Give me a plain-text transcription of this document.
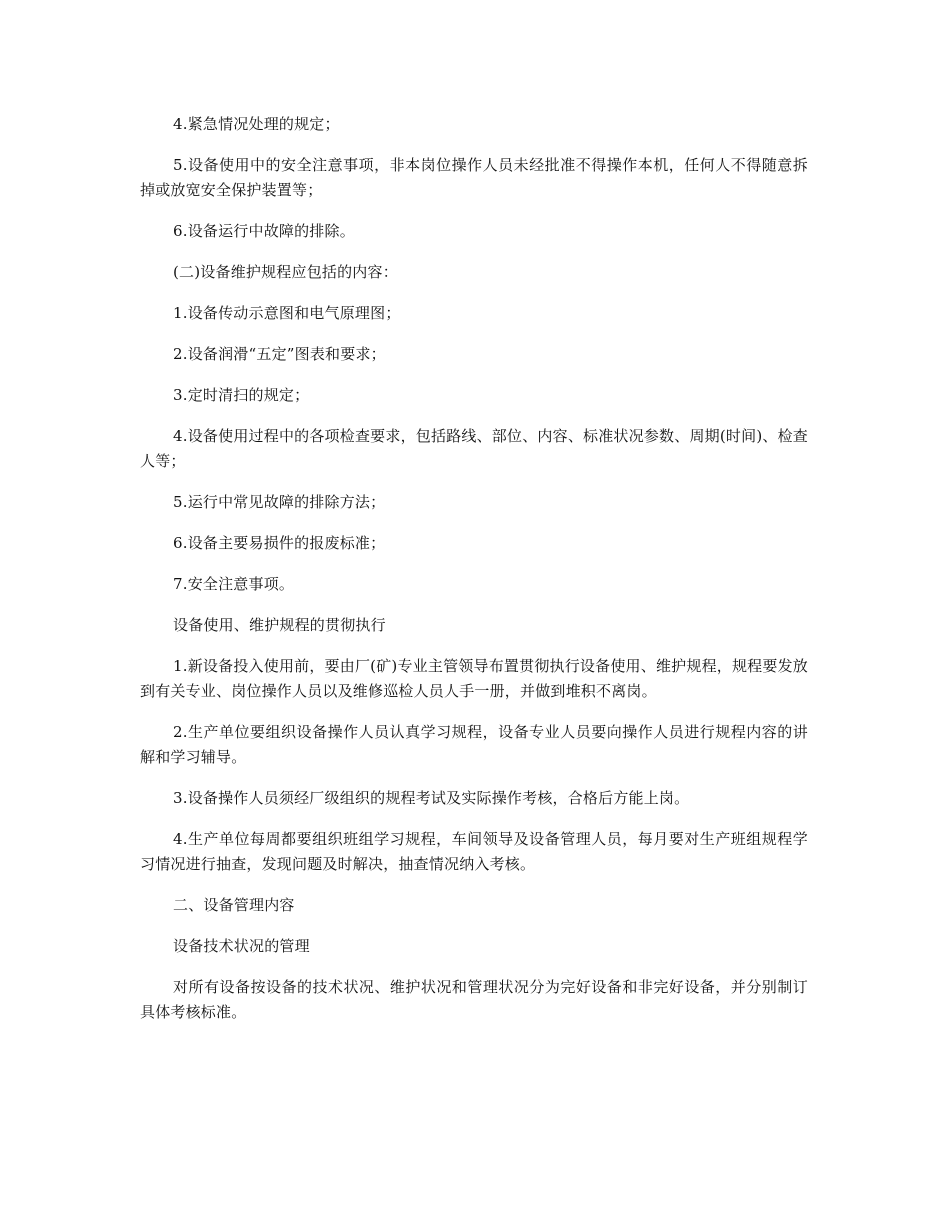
4.紧急情况处理的规定；

5.设备使用中的安全注意事项，非本岗位操作人员未经批准不得操作本机，任何人不得随意拆掉或放宽安全保护装置等；

6.设备运行中故障的排除。

(二)设备维护规程应包括的内容：

1.设备传动示意图和电气原理图；

2.设备润滑“五定”图表和要求；

3.定时清扫的规定；

4.设备使用过程中的各项检查要求，包括路线、部位、内容、标准状况参数、周期(时间)、检查人等；

5.运行中常见故障的排除方法；

6.设备主要易损件的报废标准；

7.安全注意事项。

设备使用、维护规程的贯彻执行

1.新设备投入使用前，要由厂(矿)专业主管领导布置贯彻执行设备使用、维护规程，规程要发放到有关专业、岗位操作人员以及维修巡检人员人手一册，并做到堆积不离岗。

2.生产单位要组织设备操作人员认真学习规程，设备专业人员要向操作人员进行规程内容的讲解和学习辅导。

3.设备操作人员须经厂级组织的规程考试及实际操作考核，合格后方能上岗。

4.生产单位每周都要组织班组学习规程，车间领导及设备管理人员，每月要对生产班组规程学习情况进行抽查，发现问题及时解决，抽查情况纳入考核。

二、设备管理内容

设备技术状况的管理

对所有设备按设备的技术状况、维护状况和管理状况分为完好设备和非完好设备，并分别制订具体考核标准。
